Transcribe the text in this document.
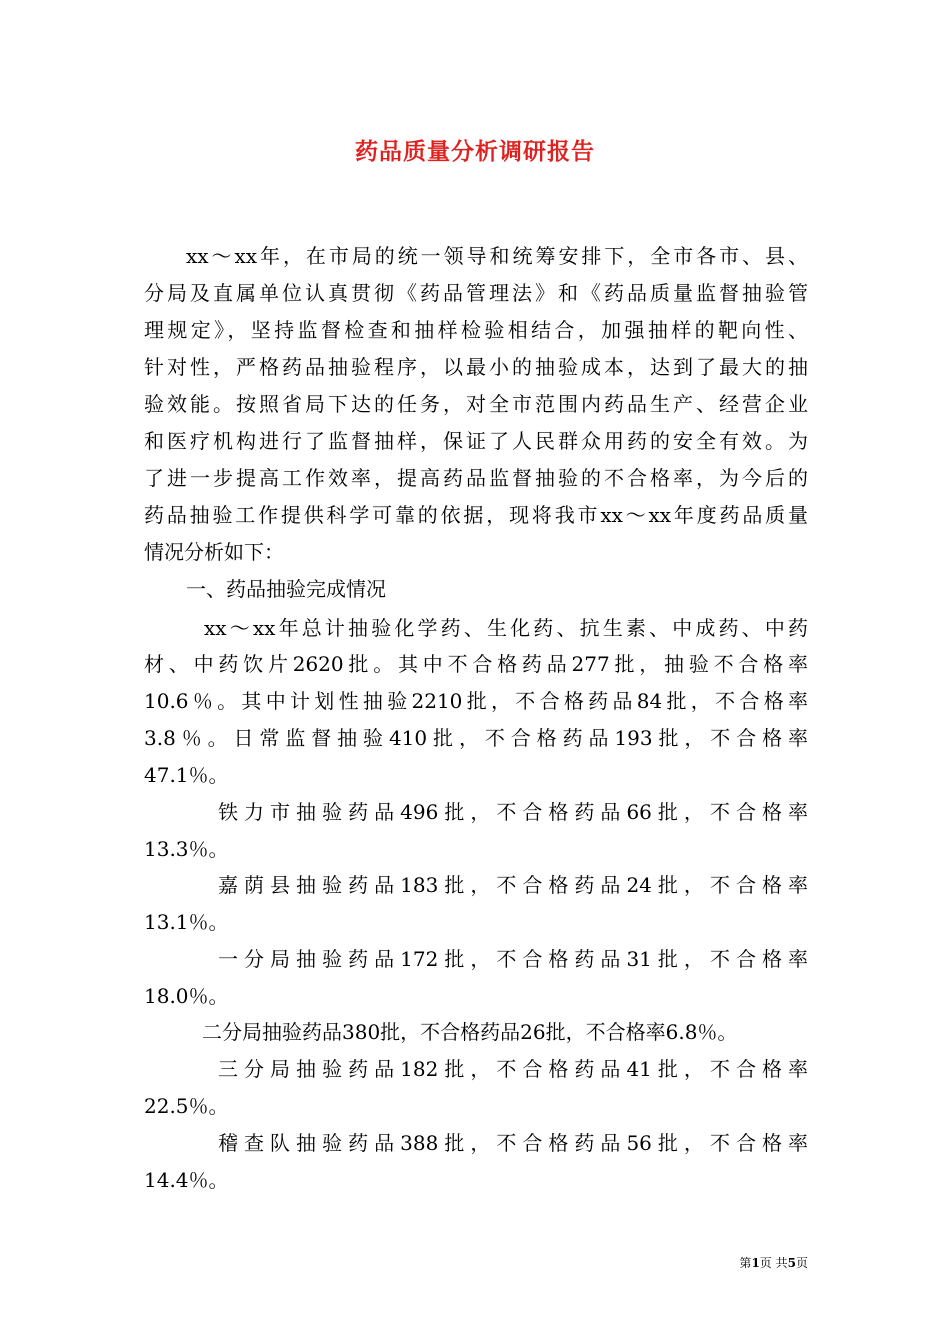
药品质量分析调研报告
xx～xx年，在市局的统一领导和统筹安排下，全市各市、县、
分局及直属单位认真贯彻《药品管理法》和《药品质量监督抽验管
理规定》，坚持监督检查和抽样检验相结合，加强抽样的靶向性、
针对性，严格药品抽验程序，以最小的抽验成本，达到了最大的抽
验效能。按照省局下达的任务，对全市范围内药品生产、经营企业
和医疗机构进行了监督抽样，保证了人民群众用药的安全有效。为
了进一步提高工作效率，提高药品监督抽验的不合格率，为今后的
药品抽验工作提供科学可靠的依据，现将我市xx～xx年度药品质量
情况分析如下：
一、药品抽验完成情况
xx～xx年总计抽验化学药、生化药、抗生素、中成药、中药
材、中药饮片2620批。其中不合格药品277批，抽验不合格率
10.6％。其中计划性抽验2210批，不合格药品84批，不合格率
3.8％。日常监督抽验410批，不合格药品193批，不合格率
47.1％。
铁力市抽验药品496批，不合格药品66批，不合格率
13.3％。
嘉荫县抽验药品183批，不合格药品24批，不合格率
13.1％。
一分局抽验药品172批，不合格药品31批，不合格率
18.0％。
二分局抽验药品380批，不合格药品26批，不合格率6.8％。
三分局抽验药品182批，不合格药品41批，不合格率
22.5％。
稽查队抽验药品388批，不合格药品56批，不合格率
14.4％。
第1页 共5页
